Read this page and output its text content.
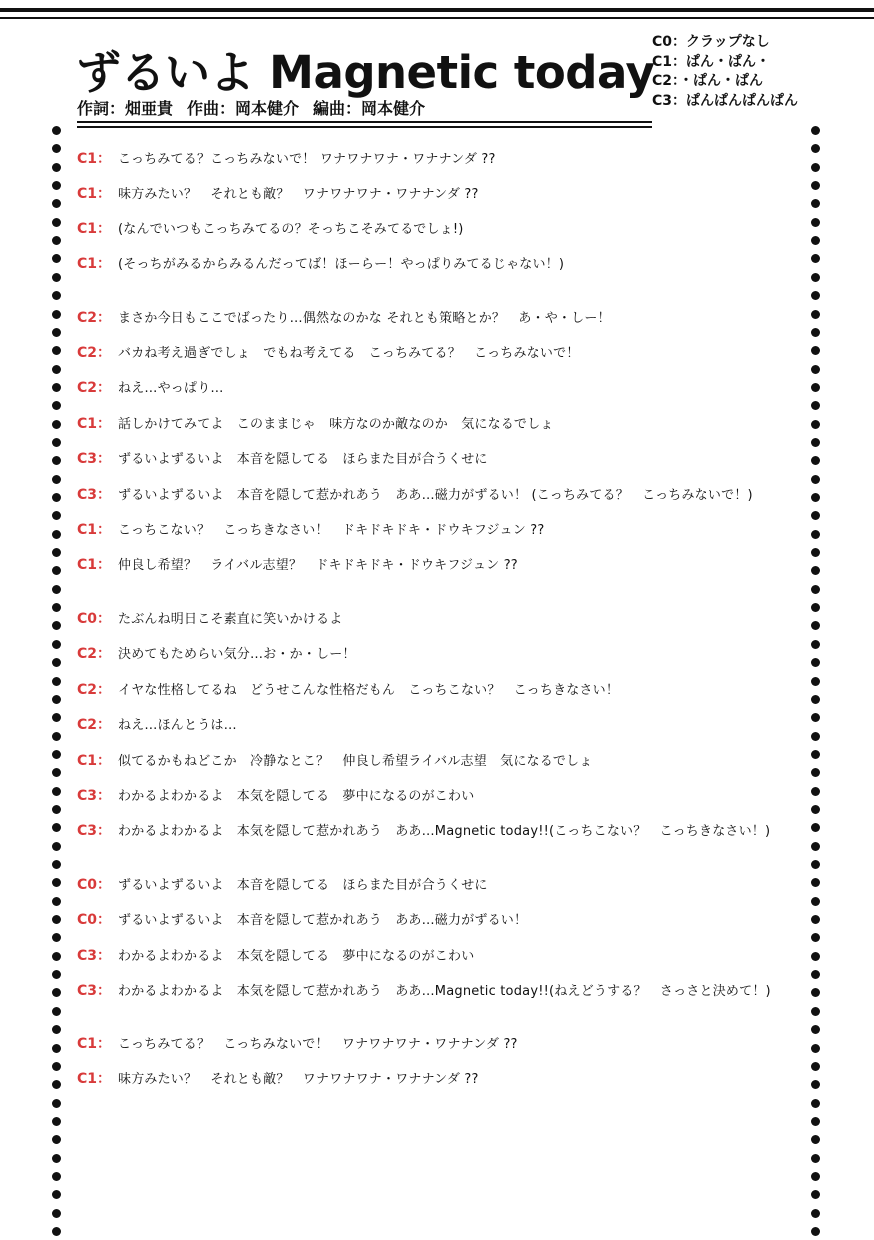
ずるいよ Magnetic today
作詞：畑亜貴 作曲：岡本健介 編曲：岡本健介
C0：クラップなし
C1：ぱん・ぱん・
C2：・ぱん・ぱん
C3：ぱんぱんぱんぱん
C1： こっちみてる？こっちみないで！ ワナワナワナ・ワナナンダ ??
C1： 味方みたい？　それとも敵？　ワナワナワナ・ワナナンダ ??
C1： (なんでいつもこっちみてるの？そっちこそみてるでしょ!)
C1： (そっちがみるからみるんだってば！ほーらー！やっぱりみてるじゃない！)
C2： まさか今日もここでばったり…偶然なのかな それとも策略とか？　あ・や・しー！
C2： バカね考え過ぎでしょ　でもね考えてる　こっちみてる？　こっちみないで！
C2： ねえ…やっぱり…
C1： 話しかけてみてよ　このままじゃ　味方なのか敵なのか　気になるでしょ
C3： ずるいよずるいよ　本音を隠してる　ほらまた目が合うくせに
C3： ずるいよずるいよ　本音を隠して惹かれあう　ああ…磁力がずるい！ (こっちみてる？　こっちみないで！)
C1： こっちこない？　こっちきなさい！　ドキドキドキ・ドウキフジュン ??
C1： 仲良し希望？　ライバル志望？　ドキドキドキ・ドウキフジュン ??
C0： たぶんね明日こそ素直に笑いかけるよ
C2： 決めてもためらい気分…お・か・しー！
C2： イヤな性格してるね　どうせこんな性格だもん　こっちこない？　こっちきなさい！
C2： ねえ…ほんとうは…
C1： 似てるかもねどこか　冷静なとこ？　仲良し希望ライバル志望　気になるでしょ
C3： わかるよわかるよ　本気を隠してる　夢中になるのがこわい
C3： わかるよわかるよ　本気を隠して惹かれあう　ああ…Magnetic today!!(こっちこない？　こっちきなさい！)
C0： ずるいよずるいよ　本音を隠してる　ほらまた目が合うくせに
C0： ずるいよずるいよ　本音を隠して惹かれあう　ああ…磁力がずるい！
C3： わかるよわかるよ　本気を隠してる　夢中になるのがこわい
C3： わかるよわかるよ　本気を隠して惹かれあう　ああ…Magnetic today!!(ねえどうする？　さっさと決めて！)
C1： こっちみてる？　こっちみないで！　ワナワナワナ・ワナナンダ ??
C1： 味方みたい？　それとも敵？　ワナワナワナ・ワナナンダ ??
